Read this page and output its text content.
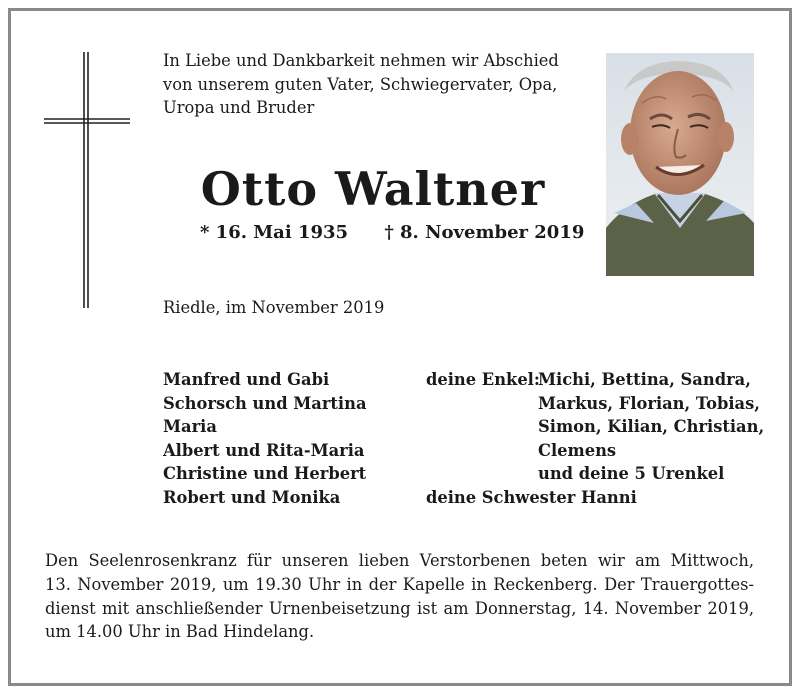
In Liebe und Dankbarkeit nehmen wir Abschied
von unserem guten Vater, Schwiegervater, Opa,
Uropa und Bruder
Otto Waltner
* 16. Mai 1935 † 8. November 2019
Riedle, im November 2019
Manfred und Gabi
Schorsch und Martina
Maria
Albert und Rita-Maria
Christine und Herbert
Robert und Monika
deine Enkel:
Michi, Bettina, Sandra,
Markus, Florian, Tobias,
Simon, Kilian, Christian,
Clemens
und deine 5 Urenkel
deine Schwester Hanni
Den Seelenrosenkranz für unseren lieben Verstorbenen beten wir am Mittwoch,
13. November 2019, um 19.30 Uhr in der Kapelle in Reckenberg. Der Trauergottes-
dienst mit anschließender Urnenbeisetzung ist am Donnerstag, 14. November 2019,
um 14.00 Uhr in Bad Hindelang.
